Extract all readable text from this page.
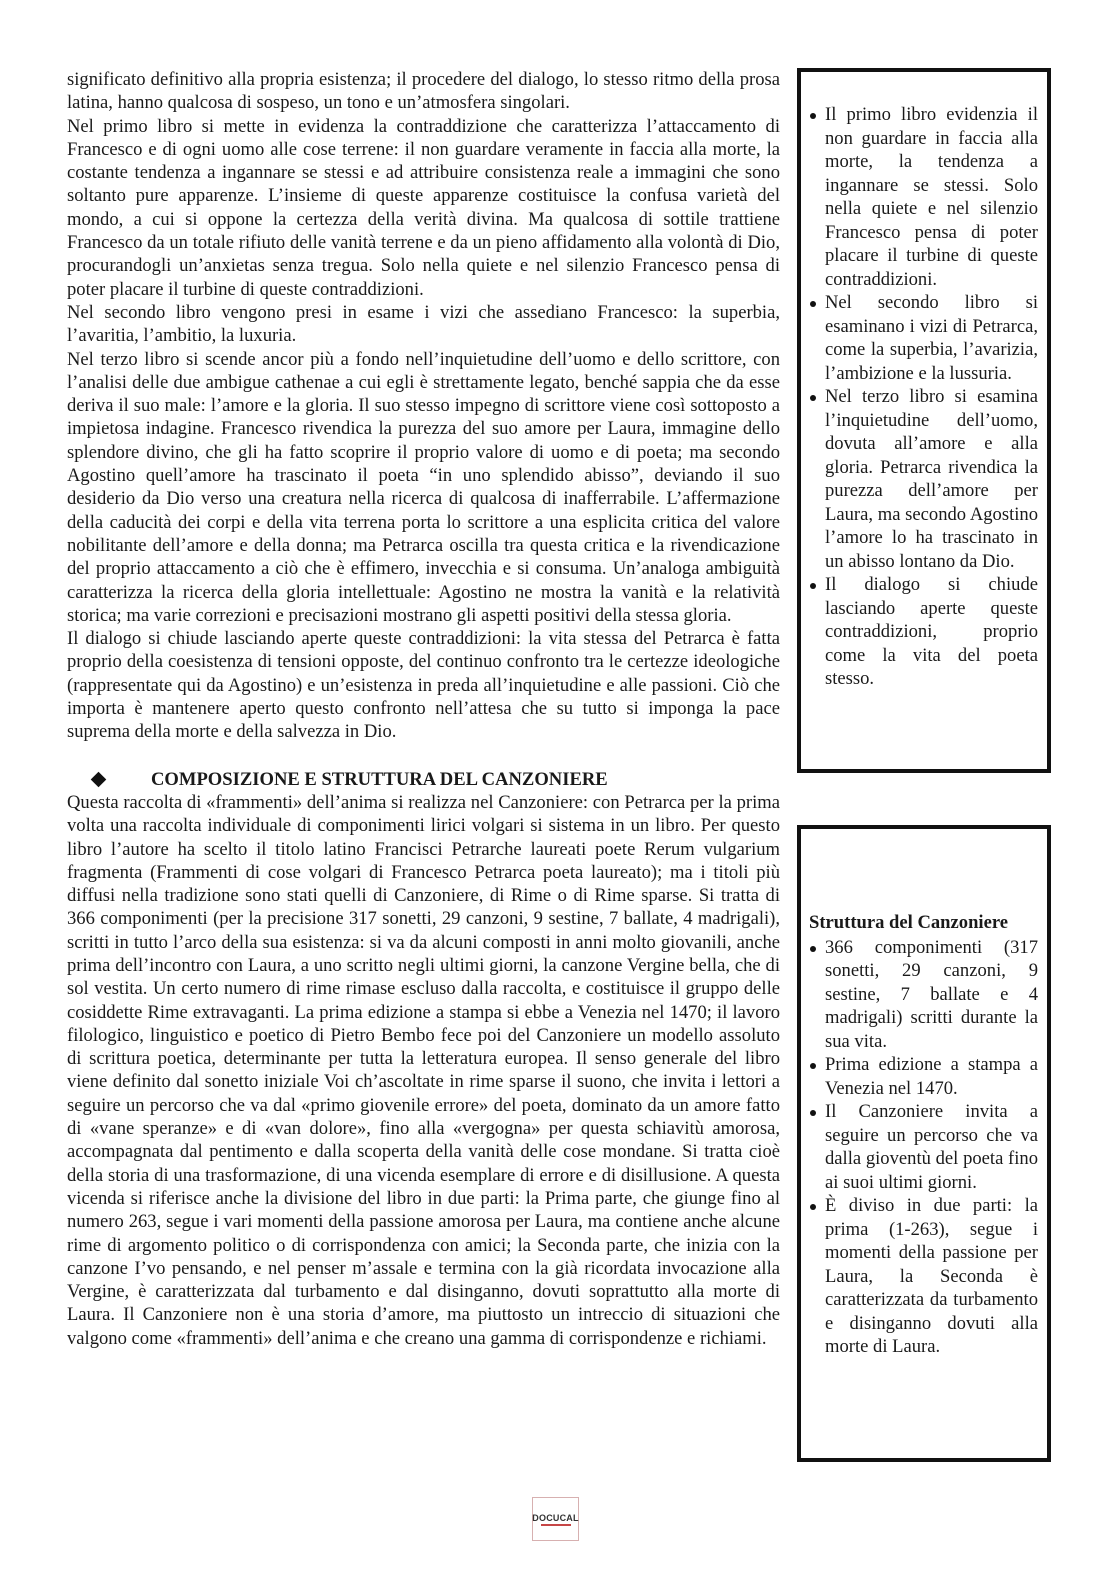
significato definitivo alla propria esistenza; il procedere del dialogo, lo stesso ritmo della prosa latina, hanno qualcosa di sospeso, un tono e un’atmosfera singolari.

Nel primo libro si mette in evidenza la contraddizione che caratterizza l’attaccamento di Francesco e di ogni uomo alle cose terrene: il non guardare veramente in faccia alla morte, la costante tendenza a ingannare se stessi e ad attribuire consistenza reale a immagini che sono soltanto pure apparenze. L’insieme di queste apparenze costituisce la confusa varietà del mondo, a cui si oppone la certezza della verità divina. Ma qualcosa di sottile trattiene Francesco da un totale rifiuto delle vanità terrene e da un pieno affidamento alla volontà di Dio, procurandogli un’anxietas senza tregua. Solo nella quiete e nel silenzio Francesco pensa di poter placare il turbine di queste contraddizioni.

Nel secondo libro vengono presi in esame i vizi che assediano Francesco: la superbia, l’avaritia, l’ambitio, la luxuria.

Nel terzo libro si scende ancor più a fondo nell’inquietudine dell’uomo e dello scrittore, con l’analisi delle due ambigue cathenae a cui egli è strettamente legato, benché sappia che da esse deriva il suo male: l’amore e la gloria. Il suo stesso impegno di scrittore viene così sottoposto a impietosa indagine. Francesco rivendica la purezza del suo amore per Laura, immagine dello splendore divino, che gli ha fatto scoprire il proprio valore di uomo e di poeta; ma secondo Agostino quell’amore ha trascinato il poeta “in uno splendido abisso”, deviando il suo desiderio da Dio verso una creatura nella ricerca di qualcosa di inafferrabile. L’affermazione della caducità dei corpi e della vita terrena porta lo scrittore a una esplicita critica del valore nobilitante dell’amore e della donna; ma Petrarca oscilla tra questa critica e la rivendicazione del proprio attaccamento a ciò che è effimero, invecchia e si consuma. Un’analoga ambiguità caratterizza la ricerca della gloria intellettuale: Agostino ne mostra la vanità e la relatività storica; ma varie correzioni e precisazioni mostrano gli aspetti positivi della stessa gloria.

Il dialogo si chiude lasciando aperte queste contraddizioni: la vita stessa del Petrarca è fatta proprio della coesistenza di tensioni opposte, del continuo confronto tra le certezze ideologiche (rappresentate qui da Agostino) e un’esistenza in preda all’inquietudine e alle passioni. Ciò che importa è mantenere aperto questo confronto nell’attesa che su tutto si imponga la pace suprema della morte e della salvezza in Dio.

COMPOSIZIONE E STRUTTURA DEL CANZONIERE

Questa raccolta di «frammenti» dell’anima si realizza nel Canzoniere: con Petrarca per la prima volta una raccolta individuale di componimenti lirici volgari si sistema in un libro. Per questo libro l’autore ha scelto il titolo latino Francisci Petrarche laureati poete Rerum vulgarium fragmenta (Frammenti di cose volgari di Francesco Petrarca poeta laureato); ma i titoli più diffusi nella tradizione sono stati quelli di Canzoniere, di Rime o di Rime sparse. Si tratta di 366 componimenti (per la precisione 317 sonetti, 29 canzoni, 9 sestine, 7 ballate, 4 madrigali), scritti in tutto l’arco della sua esistenza: si va da alcuni composti in anni molto giovanili, anche prima dell’incontro con Laura, a uno scritto negli ultimi giorni, la canzone Vergine bella, che di sol vestita. Un certo numero di rime rimase escluso dalla raccolta, e costituisce il gruppo delle cosiddette Rime extravaganti. La prima edizione a stampa si ebbe a Venezia nel 1470; il lavoro filologico, linguistico e poetico di Pietro Bembo fece poi del Canzoniere un modello assoluto di scrittura poetica, determinante per tutta la letteratura europea. Il senso generale del libro viene definito dal sonetto iniziale Voi ch’ascoltate in rime sparse il suono, che invita i lettori a seguire un percorso che va dal «primo giovenile errore» del poeta, dominato da un amore fatto di «vane speranze» e di «van dolore», fino alla «vergogna» per questa schiavitù amorosa, accompagnata dal pentimento e dalla scoperta della vanità delle cose mondane. Si tratta cioè della storia di una trasformazione, di una vicenda esemplare di errore e di disillusione. A questa vicenda si riferisce anche la divisione del libro in due parti: la Prima parte, che giunge fino al numero 263, segue i vari momenti della passione amorosa per Laura, ma contiene anche alcune rime di argomento politico o di corrispondenza con amici; la Seconda parte, che inizia con la canzone I’vo pensando, e nel penser m’assale e termina con la già ricordata invocazione alla Vergine, è caratterizzata dal turbamento e dal disinganno, dovuti soprattutto alla morte di Laura. Il Canzoniere non è una storia d’amore, ma piuttosto un intreccio di situazioni che valgono come «frammenti» dell’anima e che creano una gamma di corrispondenze e richiami.

Il primo libro evidenzia il non guardare in faccia alla morte, la tendenza a ingannare se stessi. Solo nella quiete e nel silenzio Francesco pensa di poter placare il turbine di queste contraddizioni.
Nel secondo libro si esaminano i vizi di Petrarca, come la superbia, l’avarizia, l’ambizione e la lussuria.
Nel terzo libro si esamina l’inquietudine dell’uomo, dovuta all’amore e alla gloria. Petrarca rivendica la purezza dell’amore per Laura, ma secondo Agostino l’amore lo ha trascinato in un abisso lontano da Dio.
Il dialogo si chiude lasciando aperte queste contraddizioni, proprio come la vita del poeta stesso.
Struttura del Canzoniere
366 componimenti (317 sonetti, 29 canzoni, 9 sestine, 7 ballate e 4 madrigali) scritti durante la sua vita.
Prima edizione a stampa a Venezia nel 1470.
Il Canzoniere invita a seguire un percorso che va dalla gioventù del poeta fino ai suoi ultimi giorni.
È diviso in due parti: la prima (1-263), segue i momenti della passione per Laura, la Seconda è caratterizzata da turbamento e disinganno dovuti alla morte di Laura.
DOCUCAL
